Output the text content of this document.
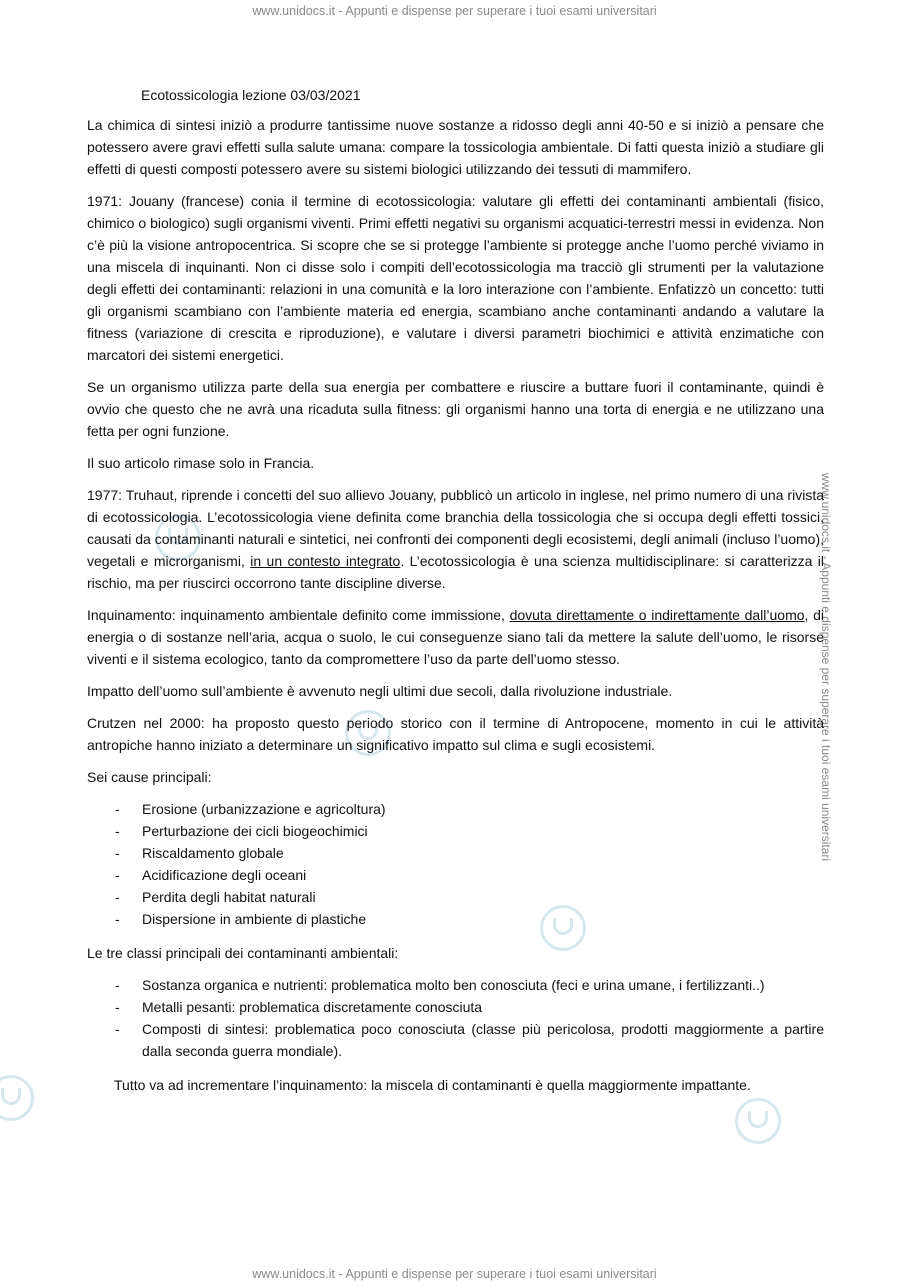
www.unidocs.it - Appunti e dispense per superare i tuoi esami universitari
www.unidocs.it - Appunti e dispense per superare i tuoi esami universitari
www.unidocs.it - Appunti e dispense per superare i tuoi esami universitari
Ecotossicologia lezione 03/03/2021

La chimica di sintesi iniziò a produrre tantissime nuove sostanze a ridosso degli anni 40-50 e si iniziò a pensare che potessero avere gravi effetti sulla salute umana: compare la tossicologia ambientale. Di fatti questa iniziò a studiare gli effetti di questi composti potessero avere su sistemi biologici utilizzando dei tessuti di mammifero.

1971: Jouany (francese) conia il termine di ecotossicologia: valutare gli effetti dei contaminanti ambientali (fisico, chimico o biologico) sugli organismi viventi. Primi effetti negativi su organismi acquatici-terrestri messi in evidenza. Non c’è più la visione antropocentrica. Si scopre che se si protegge l’ambiente si protegge anche l’uomo perché viviamo in una miscela di inquinanti. Non ci disse solo i compiti dell’ecotossicologia ma tracciò gli strumenti per la valutazione degli effetti dei contaminanti: relazioni in una comunità e la loro interazione con l’ambiente. Enfatizzò un concetto: tutti gli organismi scambiano con l’ambiente materia ed energia, scambiano anche contaminanti andando a valutare la fitness (variazione di crescita e riproduzione), e valutare i diversi parametri biochimici e attività enzimatiche con marcatori dei sistemi energetici.

Se un organismo utilizza parte della sua energia per combattere e riuscire a buttare fuori il contaminante, quindi è ovvio che questo che ne avrà una ricaduta sulla fitness: gli organismi hanno una torta di energia e ne utilizzano una fetta per ogni funzione.

Il suo articolo rimase solo in Francia.

1977: Truhaut, riprende i concetti del suo allievo Jouany, pubblicò un articolo in inglese, nel primo numero di una rivista di ecotossicologia. L’ecotossicologia viene definita come branchia della tossicologia che si occupa degli effetti tossici, causati da contaminanti naturali e sintetici, nei confronti dei componenti degli ecosistemi, degli animali (incluso l’uomo), vegetali e microrganismi, in un contesto integrato. L’ecotossicologia è una scienza multidisciplinare: si caratterizza il rischio, ma per riuscirci occorrono tante discipline diverse.

Inquinamento: inquinamento ambientale definito come immissione, dovuta direttamente o indirettamente dall’uomo, di energia o di sostanze nell’aria, acqua o suolo, le cui conseguenze siano tali da mettere la salute dell’uomo, le risorse viventi e il sistema ecologico, tanto da compromettere l’uso da parte dell’uomo stesso.

Impatto dell’uomo sull’ambiente è avvenuto negli ultimi due secoli, dalla rivoluzione industriale.

Crutzen nel 2000: ha proposto questo periodo storico con il termine di Antropocene, momento in cui le attività antropiche hanno iniziato a determinare un significativo impatto sul clima e sugli ecosistemi.

Sei cause principali:

- Erosione (urbanizzazione e agricoltura)
- Perturbazione dei cicli biogeochimici
- Riscaldamento globale
- Acidificazione degli oceani
- Perdita degli habitat naturali
- Dispersione in ambiente di plastiche

Le tre classi principali dei contaminanti ambientali:

- Sostanza organica e nutrienti: problematica molto ben conosciuta (feci e urina umane, i fertilizzanti..)
- Metalli pesanti: problematica discretamente conosciuta
- Composti di sintesi: problematica poco conosciuta (classe più pericolosa, prodotti maggiormente a partire dalla seconda guerra mondiale).

Tutto va ad incrementare l’inquinamento: la miscela di contaminanti è quella maggiormente impattante.
